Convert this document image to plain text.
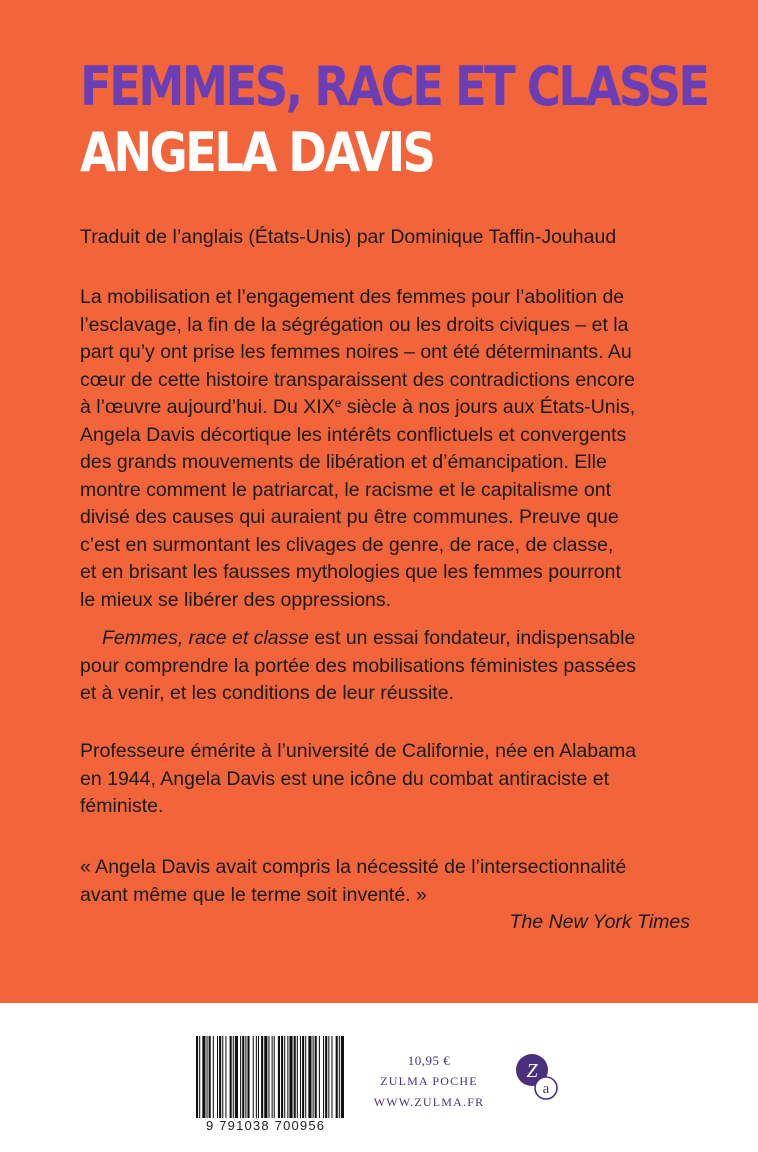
FEMMES, RACE ET CLASSE
ANGELA DAVIS

Traduit de l’anglais (États-Unis) par Dominique Taffin-Jouhaud

La mobilisation et l’engagement des femmes pour l’abolition de
l’esclavage, la fin de la ségrégation ou les droits civiques – et la
part qu’y ont prise les femmes noires – ont été déterminants. Au
cœur de cette histoire transparaissent des contradictions encore
à l’œuvre aujourd’hui. Du XIXe siècle à nos jours aux États-Unis,
Angela Davis décortique les intérêts conflictuels et convergents
des grands mouvements de libération et d’émancipation. Elle
montre comment le patriarcat, le racisme et le capitalisme ont
divisé des causes qui auraient pu être communes. Preuve que
c’est en surmontant les clivages de genre, de race, de classe,
et en brisant les fausses mythologies que les femmes pourront
le mieux se libérer des oppressions.

Femmes, race et classe est un essai fondateur, indispensable
pour comprendre la portée des mobilisations féministes passées
et à venir, et les conditions de leur réussite.

Professeure émérite à l’université de Californie, née en Alabama
en 1944, Angela Davis est une icône du combat antiraciste et
féministe.

« Angela Davis avait compris la nécessité de l’intersectionnalité
avant même que le terme soit inventé. »
The New York Times

9 791038 700956
10,95 €
ZULMA POCHE
WWW.ZULMA.FR
Z
a
